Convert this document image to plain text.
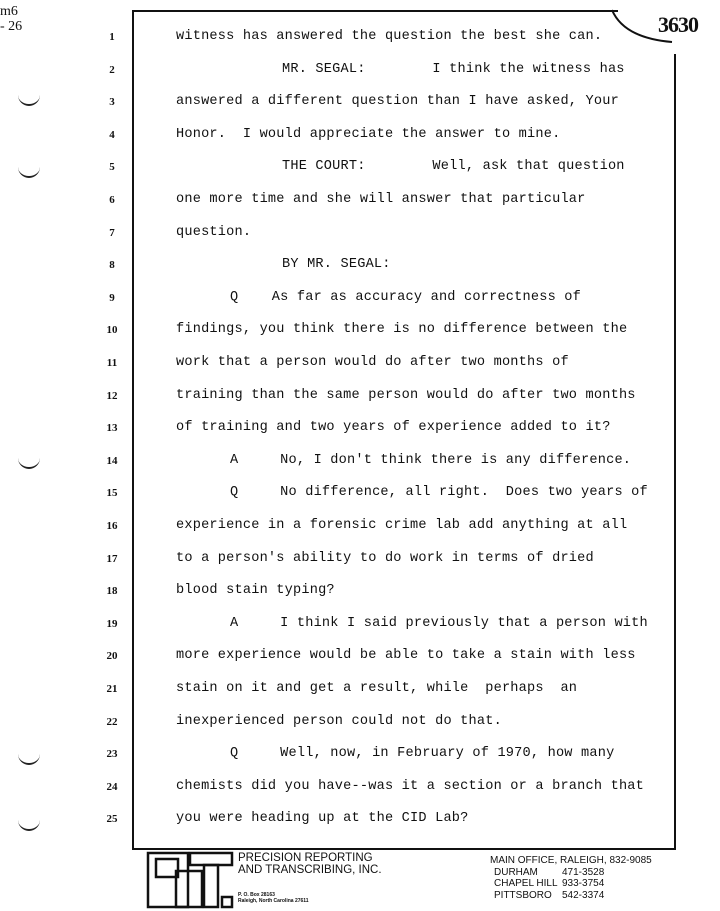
m6
- 26	3630
1	witness has answered the question the best she can.
2	MR. SEGAL:        I think the witness has
3	answered a different question than I have asked, Your
4	Honor.  I would appreciate the answer to mine.
5	THE COURT:        Well, ask that question
6	one more time and she will answer that particular
7	question.
8	BY MR. SEGAL:
9	Q    As far as accuracy and correctness of
10	findings, you think there is no difference between the
11	work that a person would do after two months of
12	training than the same person would do after two months
13	of training and two years of experience added to it?
14	A     No, I don't think there is any difference.
15	Q     No difference, all right.  Does two years of
16	experience in a forensic crime lab add anything at all
17	to a person's ability to do work in terms of dried
18	blood stain typing?
19	A     I think I said previously that a person with
20	more experience would be able to take a stain with less
21	stain on it and get a result, while  perhaps  an
22	inexperienced person could not do that.
23	Q     Well, now, in February of 1970, how many
24	chemists did you have--was it a section or a branch that
25	you were heading up at the CID Lab?
PRECISION REPORTING
AND TRANSCRIBING, INC.
P. O. Box 28163
Raleigh, North Carolina 27611
MAIN OFFICE, RALEIGH, 832-9085
DURHAM	471-3528
CHAPEL HILL 933-3754
PITTSBORO	542-3374
